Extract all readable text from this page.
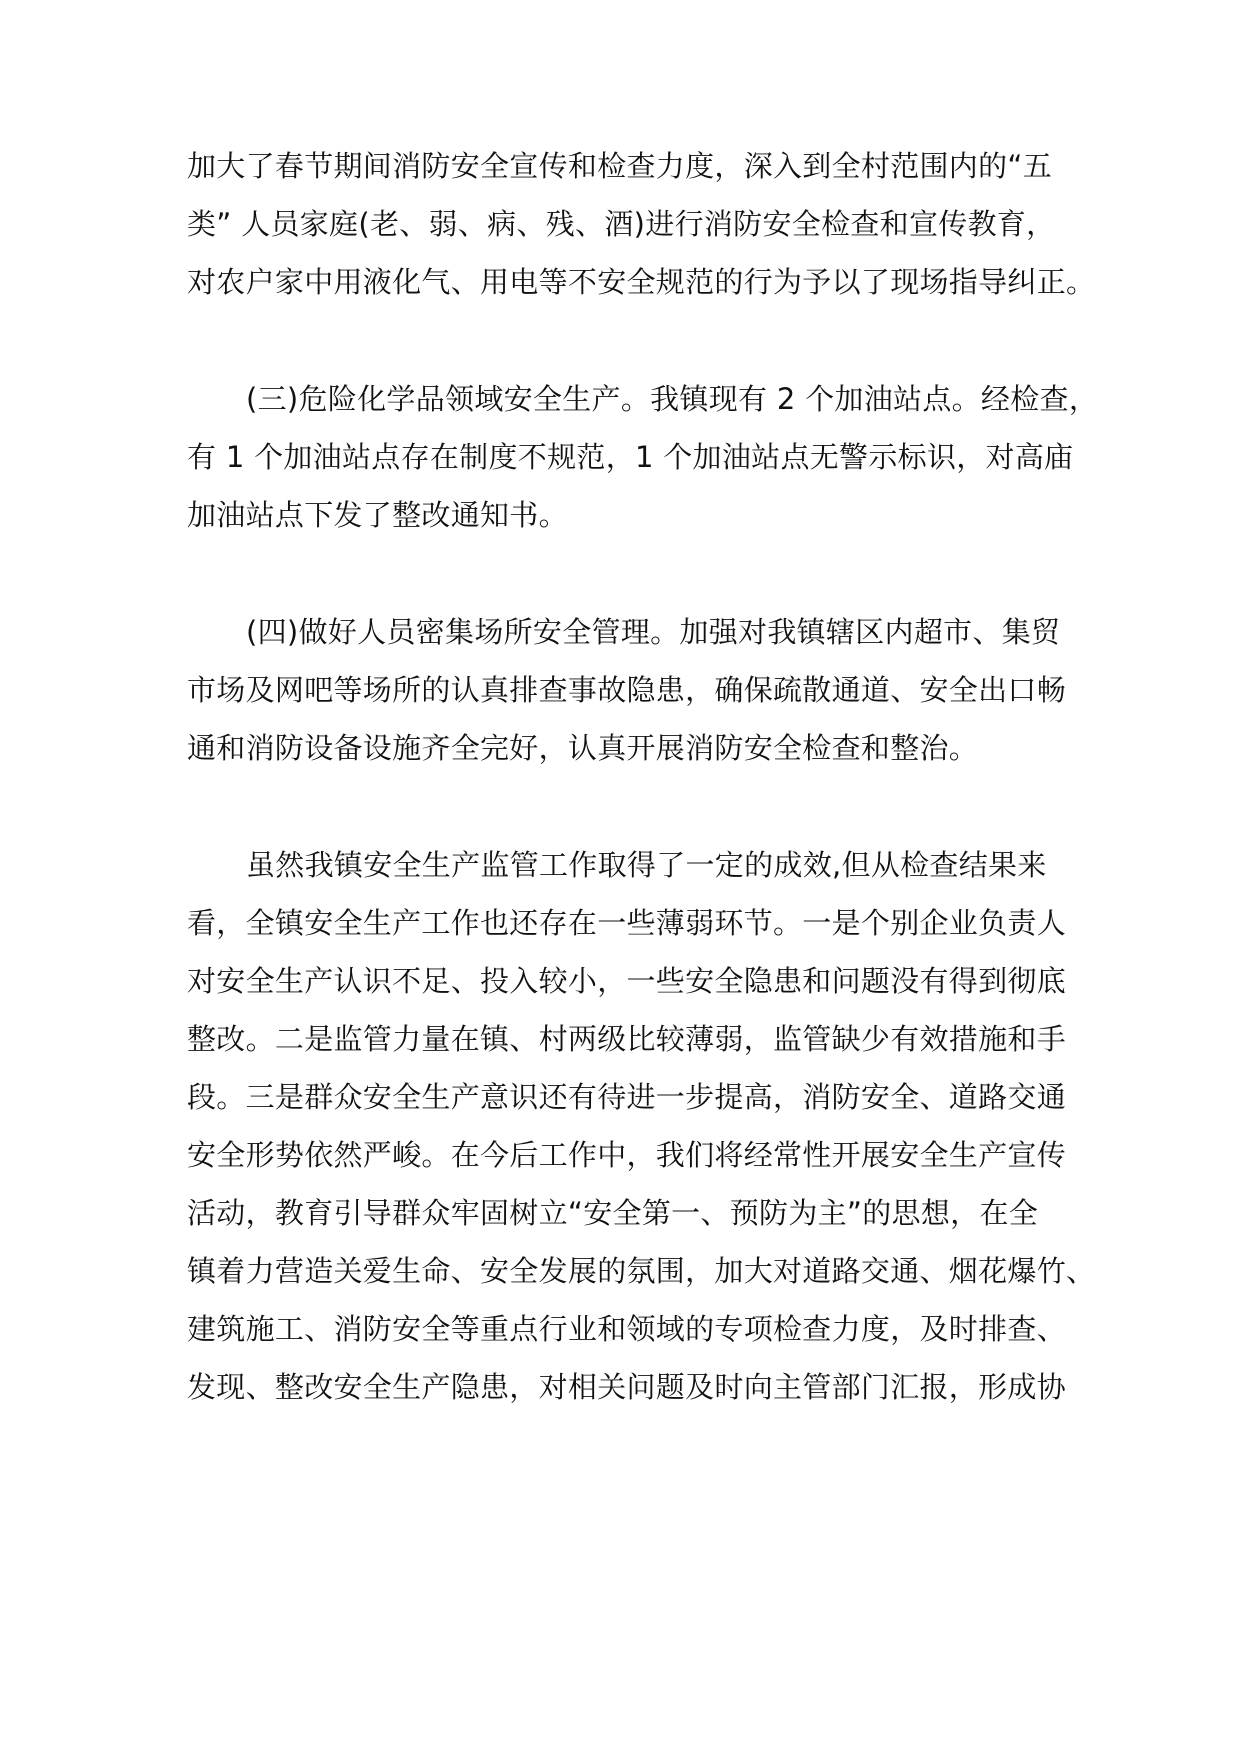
加大了春节期间消防安全宣传和检查力度，深入到全村范围内的“五
类” 人员家庭(老、弱、病、残、酒)进行消防安全检查和宣传教育，
对农户家中用液化气、用电等不安全规范的行为予以了现场指导纠正。
(三)危险化学品领域安全生产。我镇现有 2 个加油站点。经检查，
有 1 个加油站点存在制度不规范，1 个加油站点无警示标识，对高庙
加油站点下发了整改通知书。
(四)做好人员密集场所安全管理。加强对我镇辖区内超市、集贸
市场及网吧等场所的认真排查事故隐患，确保疏散通道、安全出口畅
通和消防设备设施齐全完好，认真开展消防安全检查和整治。
虽然我镇安全生产监管工作取得了一定的成效,但从检查结果来
看，全镇安全生产工作也还存在一些薄弱环节。一是个别企业负责人
对安全生产认识不足、投入较小，一些安全隐患和问题没有得到彻底
整改。二是监管力量在镇、村两级比较薄弱，监管缺少有效措施和手
段。三是群众安全生产意识还有待进一步提高，消防安全、道路交通
安全形势依然严峻。在今后工作中，我们将经常性开展安全生产宣传
活动，教育引导群众牢固树立“安全第一、预防为主”的思想，在全
镇着力营造关爱生命、安全发展的氛围，加大对道路交通、烟花爆竹、
建筑施工、消防安全等重点行业和领域的专项检查力度，及时排查、
发现、整改安全生产隐患，对相关问题及时向主管部门汇报，形成协
